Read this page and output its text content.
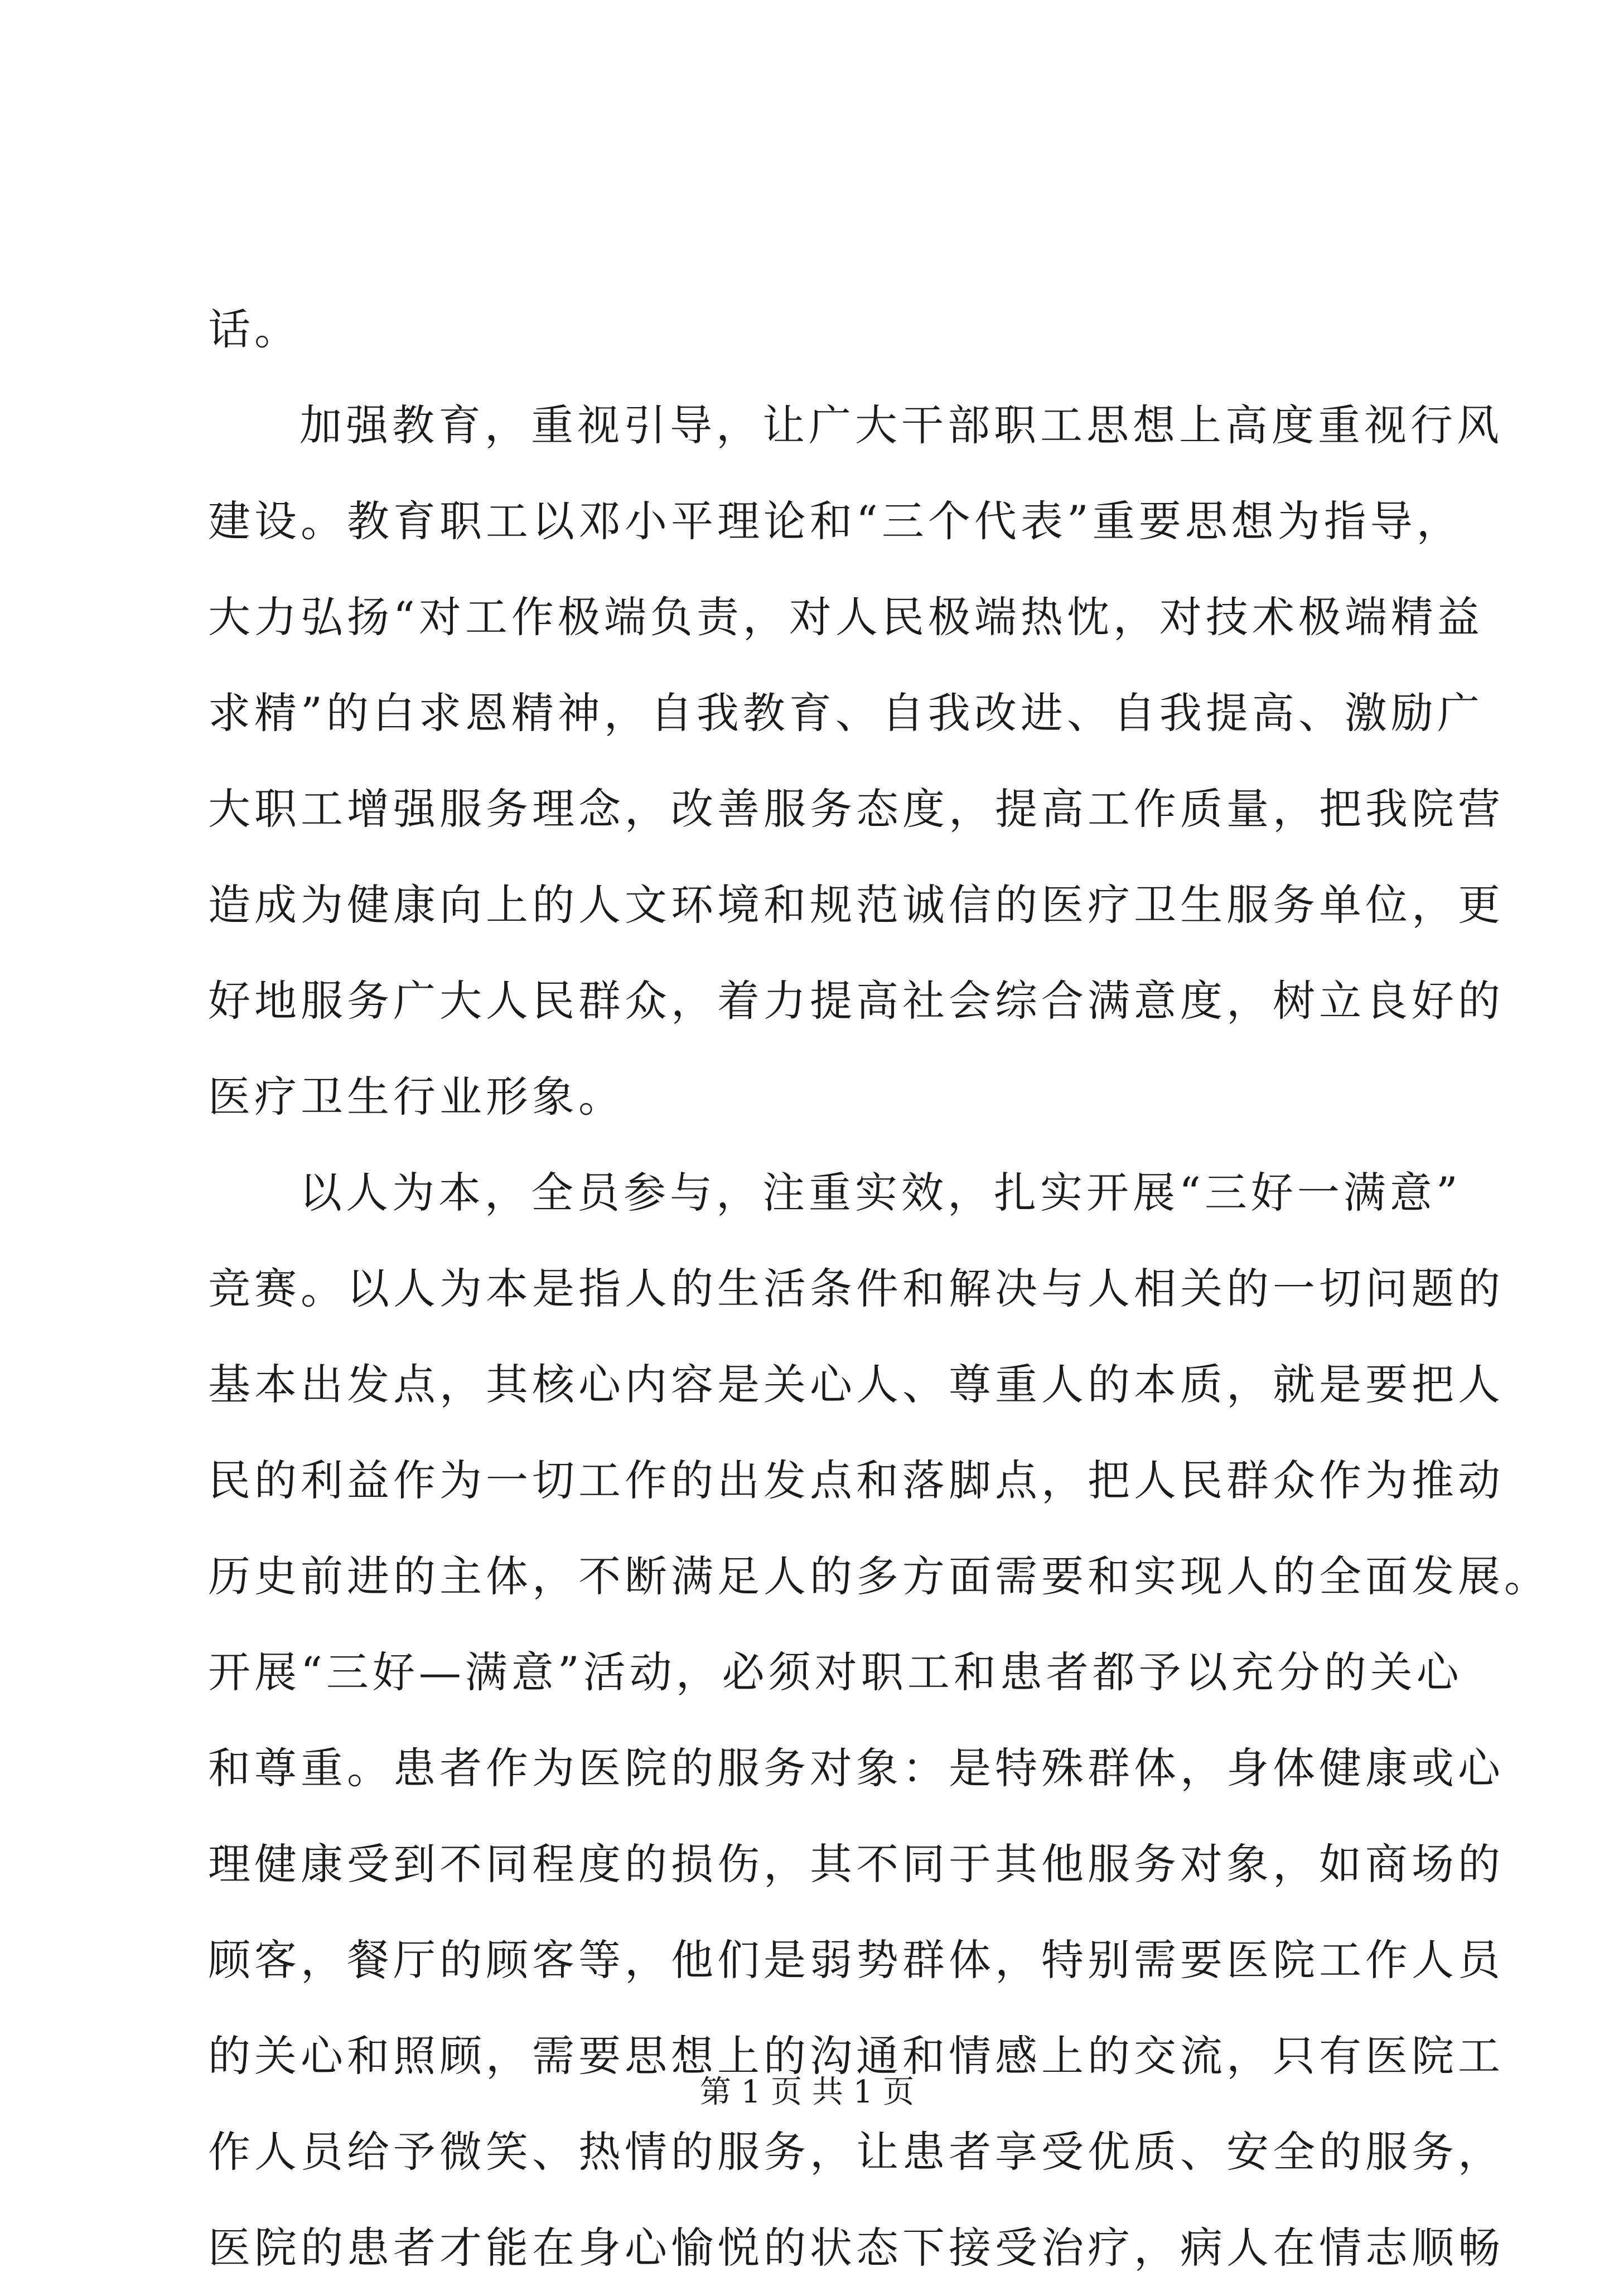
话。
加强教育，重视引导，让广大干部职工思想上高度重视行风
建设。教育职工以邓小平理论和“三个代表”重要思想为指导，
大力弘扬“对工作极端负责，对人民极端热忱，对技术极端精益
求精”的白求恩精神，自我教育、自我改进、自我提高、激励广
大职工增强服务理念，改善服务态度，提高工作质量，把我院营
造成为健康向上的人文环境和规范诚信的医疗卫生服务单位，更
好地服务广大人民群众，着力提高社会综合满意度，树立良好的
医疗卫生行业形象。
以人为本，全员参与，注重实效，扎实开展“三好一满意”
竞赛。以人为本是指人的生活条件和解决与人相关的一切问题的
基本出发点，其核心内容是关心人、尊重人的本质，就是要把人
民的利益作为一切工作的出发点和落脚点，把人民群众作为推动
历史前进的主体，不断满足人的多方面需要和实现人的全面发展。
开展“三好—满意”活动，必须对职工和患者都予以充分的关心
和尊重。患者作为医院的服务对象：是特殊群体，身体健康或心
理健康受到不同程度的损伤，其不同于其他服务对象，如商场的
顾客，餐厅的顾客等，他们是弱势群体，特别需要医院工作人员
的关心和照顾，需要思想上的沟通和情感上的交流，只有医院工
作人员给予微笑、热情的服务，让患者享受优质、安全的服务，
医院的患者才能在身心愉悦的状态下接受治疗，病人在情志顺畅
第 1 页 共 1 页
